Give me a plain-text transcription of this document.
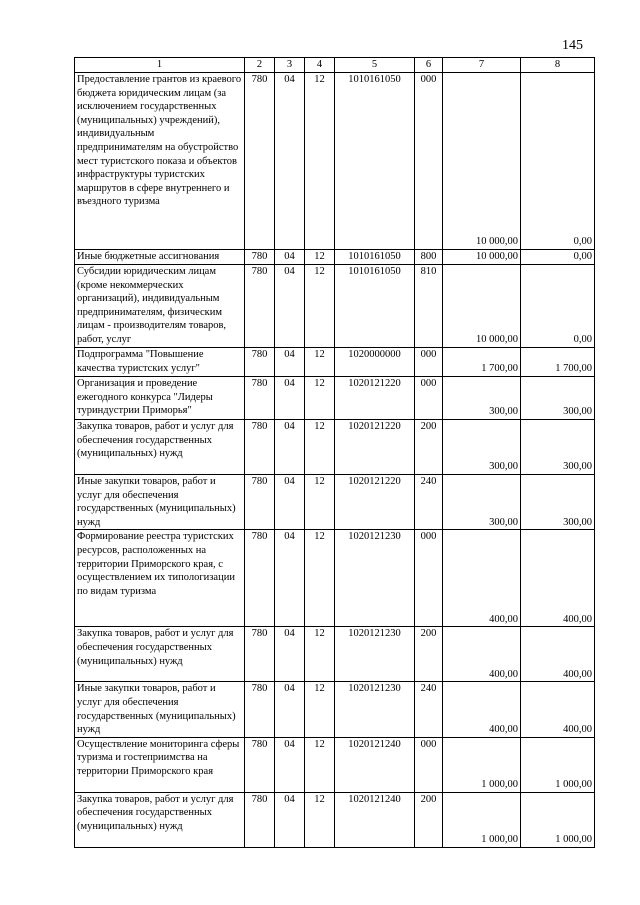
145
1	2	3	4	5	6	7	8
Предоставление грантов из краевого бюджета юридическим лицам (за исключением государственных (муниципальных) учреждений), индивидуальным предпринимателям на обустройство мест туристского показа и объектов инфраструктуры туристских маршрутов в сфере внутреннего и въездного туризма	780	04	12	1010161050	000	10 000,00	0,00
Иные бюджетные ассигнования	780	04	12	1010161050	800	10 000,00	0,00
Субсидии юридическим лицам (кроме некоммерческих организаций), индивидуальным предпринимателям, физическим лицам - производителям товаров, работ, услуг	780	04	12	1010161050	810	10 000,00	0,00
Подпрограмма "Повышение качества туристских услуг"	780	04	12	1020000000	000	1 700,00	1 700,00
Организация и проведение ежегодного конкурса "Лидеры туриндустрии Приморья"	780	04	12	1020121220	000	300,00	300,00
Закупка товаров, работ и услуг для обеспечения государственных (муниципальных) нужд	780	04	12	1020121220	200	300,00	300,00
Иные закупки товаров, работ и услуг для обеспечения государственных (муниципальных) нужд	780	04	12	1020121220	240	300,00	300,00
Формирование реестра туристских ресурсов, расположенных на территории Приморского края, с осуществлением их типологизации по видам туризма	780	04	12	1020121230	000	400,00	400,00
Закупка товаров, работ и услуг для обеспечения государственных (муниципальных) нужд	780	04	12	1020121230	200	400,00	400,00
Иные закупки товаров, работ и услуг для обеспечения государственных (муниципальных) нужд	780	04	12	1020121230	240	400,00	400,00
Осуществление мониторинга сферы туризма и гостеприимства на территории Приморского края	780	04	12	1020121240	000	1 000,00	1 000,00
Закупка товаров, работ и услуг для обеспечения государственных (муниципальных) нужд	780	04	12	1020121240	200	1 000,00	1 000,00
